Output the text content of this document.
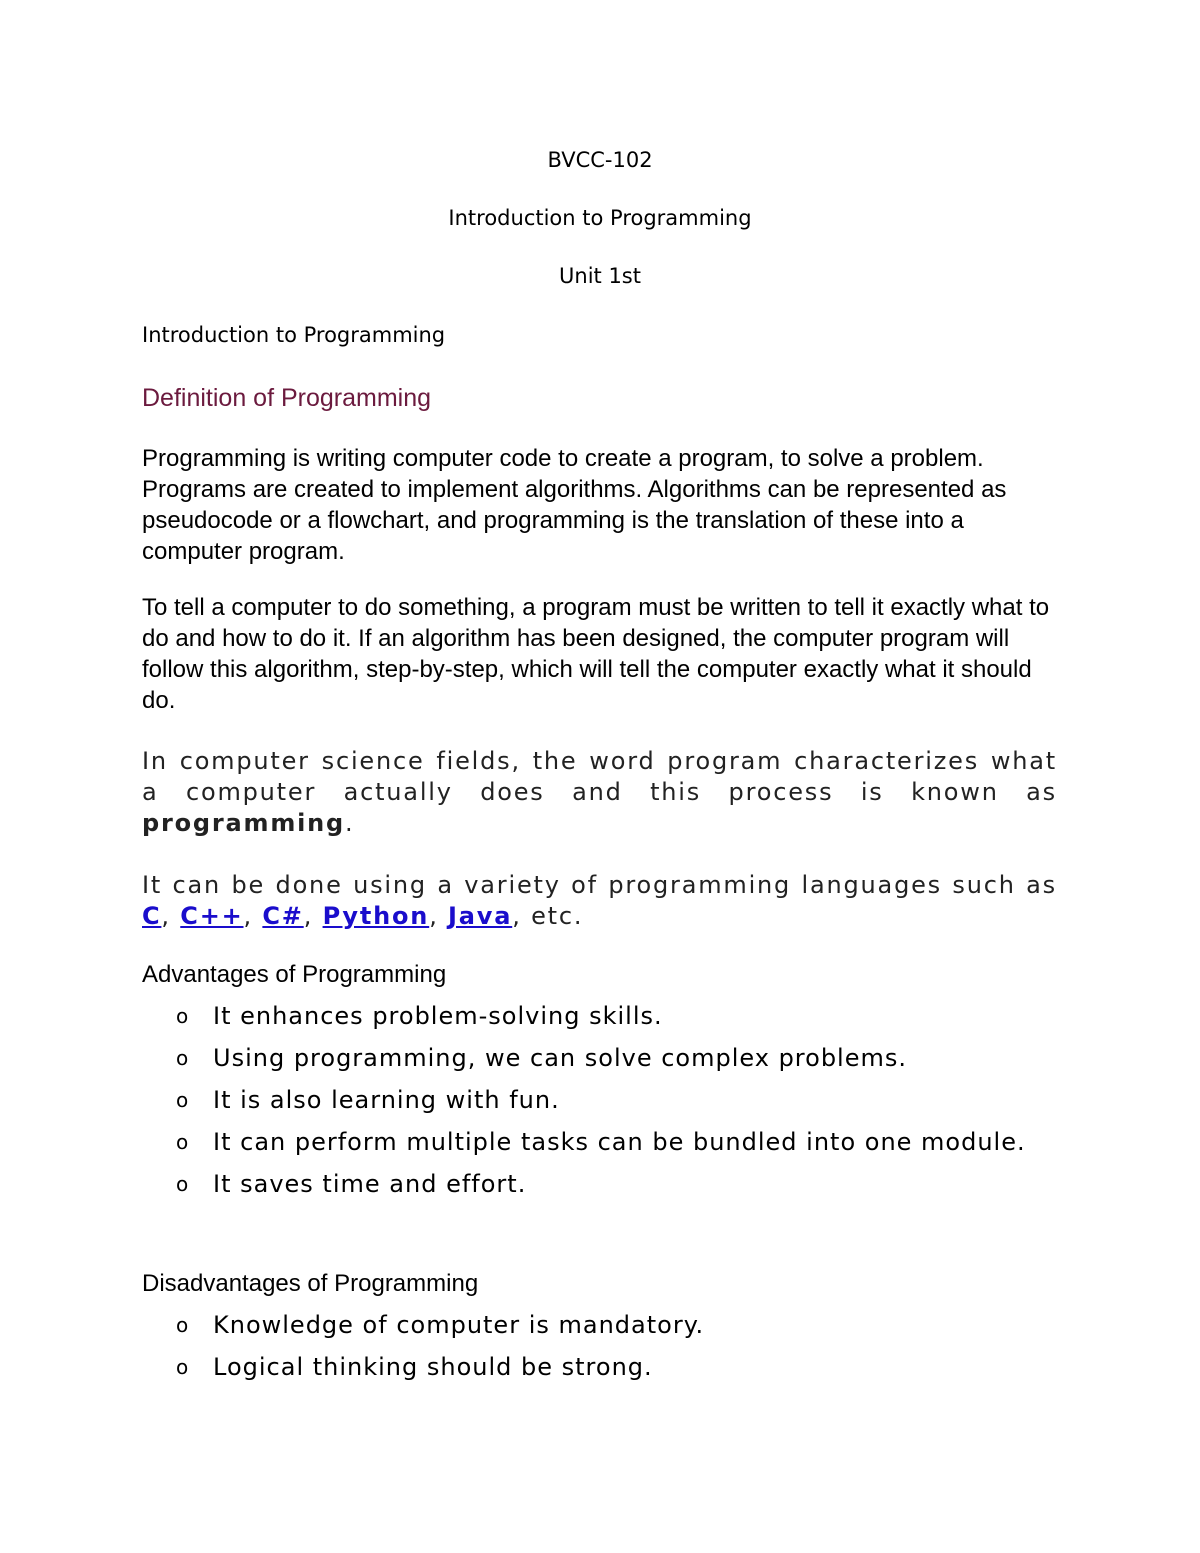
BVCC-102
Introduction to Programming
Unit 1st
Introduction to Programming
Definition of Programming
Programming is writing computer code to create a program, to solve a problem. Programs are created to implement algorithms. Algorithms can be represented as pseudocode or a flowchart, and programming is the translation of these into a computer program.
To tell a computer to do something, a program must be written to tell it exactly what to do and how to do it. If an algorithm has been designed, the computer program will follow this algorithm, step-by-step, which will tell the computer exactly what it should do.
In computer science fields, the word program characterizes what a computer actually does and this process is known as programming.
It can be done using a variety of programming languages such as C, C++, C#, Python, Java, etc.
Advantages of Programming
o It enhances problem-solving skills.
o Using programming, we can solve complex problems.
o It is also learning with fun.
o It can perform multiple tasks can be bundled into one module.
o It saves time and effort.
Disadvantages of Programming
o Knowledge of computer is mandatory.
o Logical thinking should be strong.
